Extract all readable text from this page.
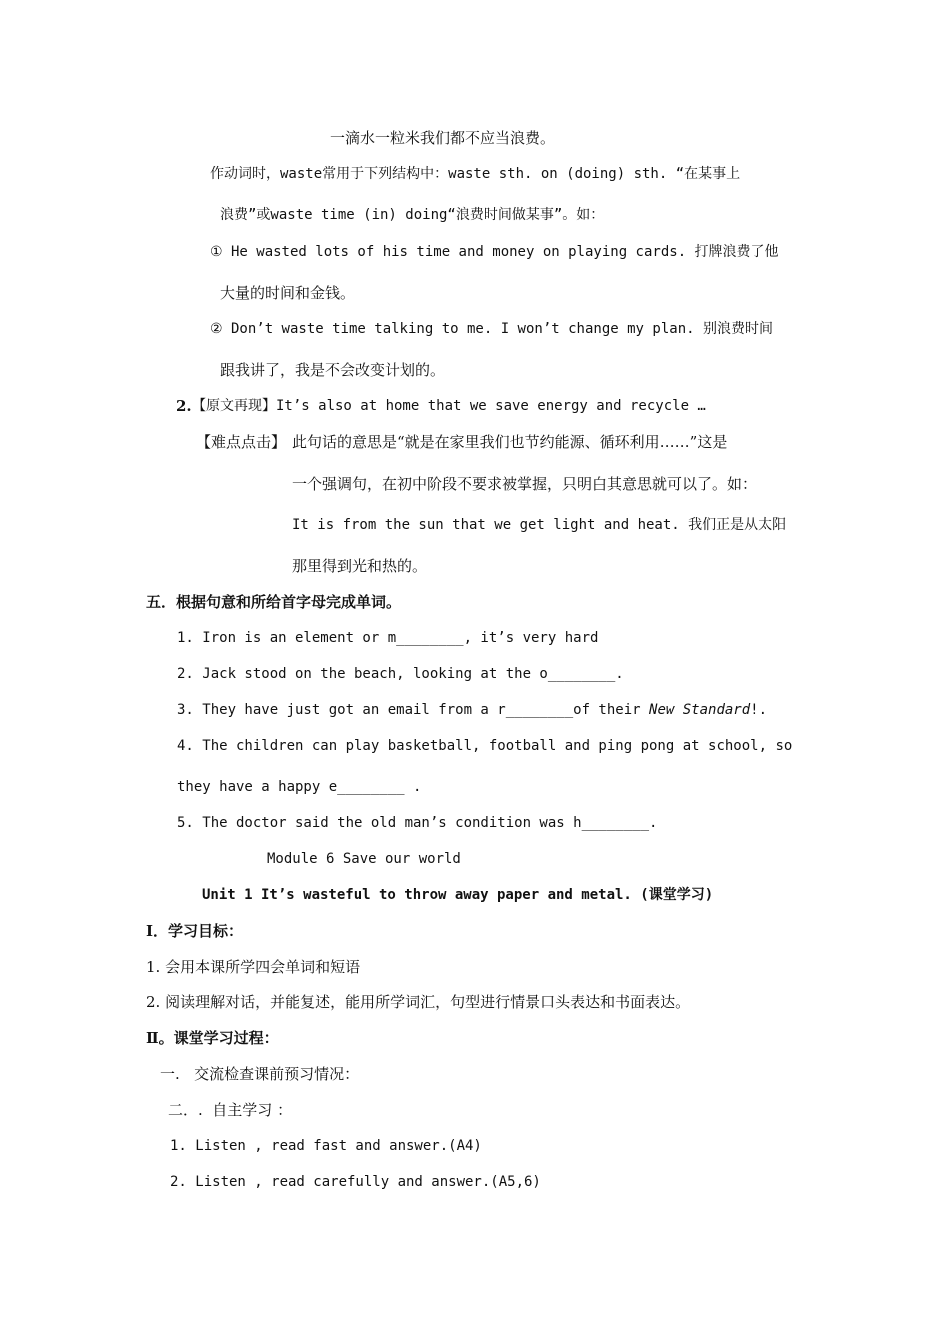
一滴水一粒米我们都不应当浪费。
作动词时，waste常用于下列结构中：waste sth. on (doing) sth. “在某事上
浪费”或waste time (in) doing“浪费时间做某事”。如：
① He wasted lots of his time and money on playing cards. 打牌浪费了他
大量的时间和金钱。
② Don’t waste time talking to me. I won’t change my plan. 别浪费时间
跟我讲了，我是不会改变计划的。
2. 【原文再现】It’s also at home that we save energy and recycle …
【难点点击】 此句话的意思是“就是在家里我们也节约能源、循环利用……”这是
一个强调句，在初中阶段不要求被掌握，只明白其意思就可以了。如：
It is from the sun that we get light and heat. 我们正是从太阳
那里得到光和热的。
五．根据句意和所给首字母完成单词。
1. Iron is an element or m________, it’s very hard
2. Jack stood on the beach, looking at the o________.
3. They have just got an email from a r________of their New Standard!.
4. The children can play basketball, football and ping pong at school, so
they have a happy e________ .
5. The doctor said the old man’s condition was h________.
Module 6 Save our world
Unit 1 It’s wasteful to throw away paper and metal. (课堂学习)
I．学习目标：
1. 会用本课所学四会单词和短语
2. 阅读理解对话，并能复述，能用所学词汇，句型进行情景口头表达和书面表达。
Ⅱ。课堂学习过程：
一.   交流检查课前预习情况：
二．.  自主学习 ：
1. Listen , read fast and answer.(A4)
2. Listen , read carefully and answer.(A5,6)
